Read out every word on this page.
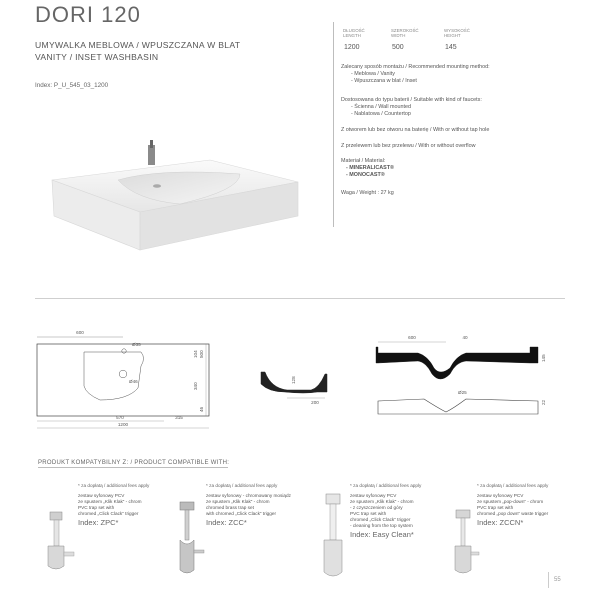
DORI 120
UMYWALKA MEBLOWA / WPUSZCZANA W BLAT
VANITY / INSET WASHBASIN
Index: P_U_545_03_1200
DŁUGOŚĆ
LENGTH
SZEROKOŚĆ
WIDTH
WYSOKOŚĆ
HEIGHT
1200	500	145
Zalecany sposób montażu / Recommended mounting method:
- Meblowa / Vanity
- Wpuszczana w blat / Inset
Dostosowana do typu baterii / Suitable with kind of faucets:
- Ścienna / Wall mounted
- Nablatowa / Countertop
Z otworem lub bez otworu na baterię / With or without tap hole
Z przelewem lub bez przelewu / With or without overflow
Materiał / Material:
- MINERALICAST®
- MONOCAST®
Waga / Weight : 27 kg
600
Ø35
Ø46
104 500
340
46
570	315
1200
128
200
600	40
145
Ø25
22
PRODUKT KOMPATYBILNY Z: / PRODUCT COMPATIBLE WITH:
* za dopłatą / additional fees apply
zestaw syfonowy PCV
ze spustem „Klik Klak” - chrom
PVC trap set with
chromed „Click Clack” trigger
Index: ZPC*
* za dopłatą / additional fees apply
zestaw syfonowy - chromowany mosiądz
ze spustem „Klik Klak” - chrom
chromed brass trap set
with chromed „Click Clack” trigger
Index: ZCC*
* za dopłatą / additional fees apply
zestaw syfonowy PCV
ze spustem „Klik Klak” - chrom
- z czyszczeniem od góry
PVC trap set with
chromed „Click Clack” trigger
- cleaning from the top system
Index: Easy Clean*
* za dopłatą / additional fees apply
zestaw syfonowy PCV
ze spustem „pop-down” - chrom
PVC trap set with
chromed „pop down” waste trigger
Index: ZCCN*
55
